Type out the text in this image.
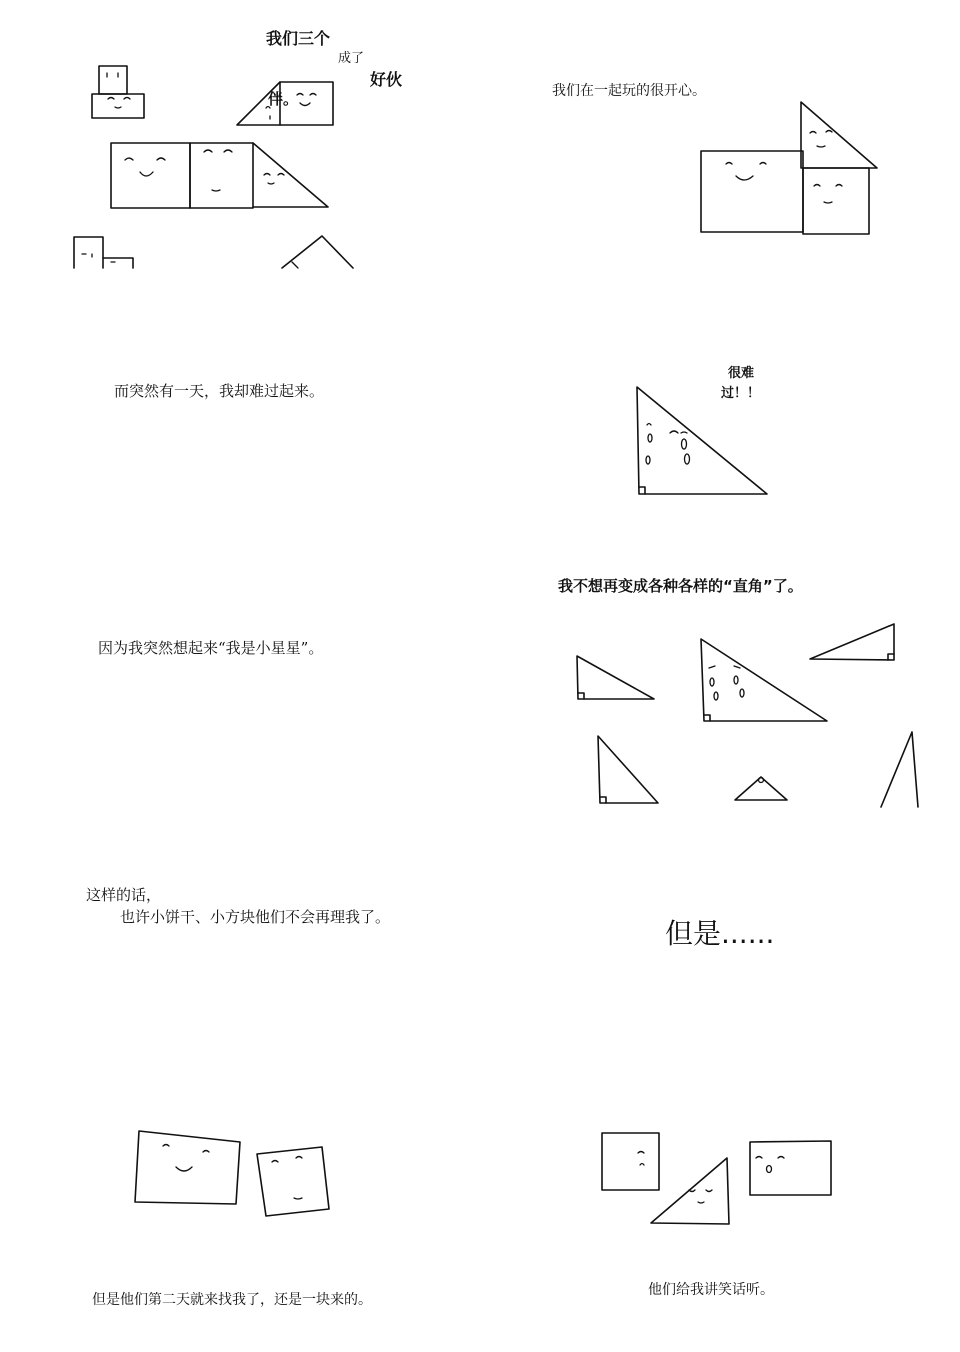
我们三个
成了
好伙
伴。	我们在一起玩的很开心。
而突然有一天，我却难过起来。
很难
过！！
因为我突然想起来“我是小星星”。
我不想再变成各种各样的“直角”了。
这样的话，
也许小饼干、小方块他们不会再理我了。	但是......
但是他们第二天就来找我了，还是一块来的。
他们给我讲笑话听。
